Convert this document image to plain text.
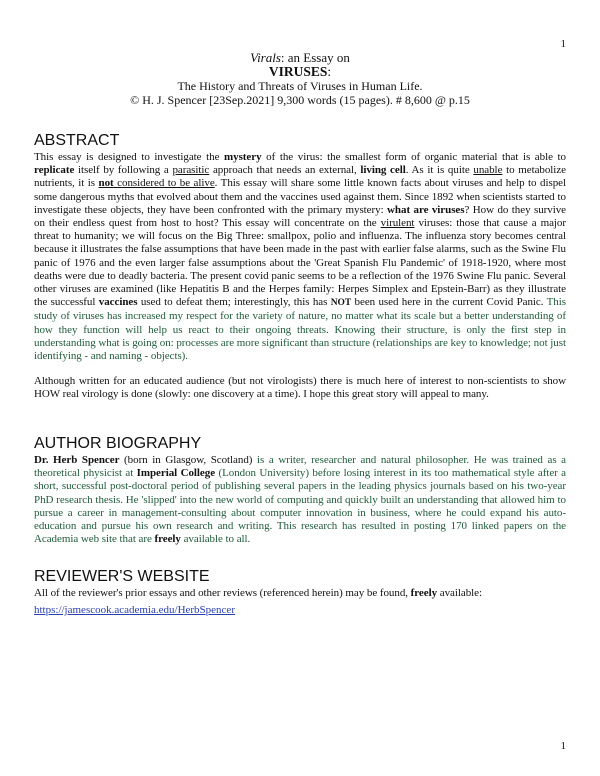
1
Virals: an Essay on
VIRUSES:
The History and Threats of Viruses in Human Life.
© H. J. Spencer [23Sep.2021] 9,300 words (15 pages). # 8,600 @ p.15
ABSTRACT

This essay is designed to investigate the mystery of the virus: the smallest form of organic material that is able to replicate itself by following a parasitic approach that needs an external, living cell. As it is quite unable to metabolize nutrients, it is not considered to be alive. This essay will share some little known facts about viruses and help to dispel some dangerous myths that evolved about them and the vaccines used against them. Since 1892 when scientists started to investigate these objects, they have been confronted with the primary mystery: what are viruses? How do they survive on their endless quest from host to host? This essay will concentrate on the virulent viruses: those that cause a major threat to humanity; we will focus on the Big Three: smallpox, polio and influenza. The influenza story becomes central because it illustrates the false assumptions that have been made in the past with earlier false alarms, such as the Swine Flu panic of 1976 and the even larger false assumptions about the 'Great Spanish Flu Pandemic' of 1918-1920, where most deaths were due to deadly bacteria. The present covid panic seems to be a reflection of the 1976 Swine Flu panic. Several other viruses are examined (like Hepatitis B and the Herpes family: Herpes Simplex and Epstein-Barr) as they illustrate the successful vaccines used to defeat them; interestingly, this has NOT been used here in the current Covid Panic. This study of viruses has increased my respect for the variety of nature, no matter what its scale but a better understanding of how they function will help us react to their ongoing threats. Knowing their structure, is only the first step in understanding what is going on: processes are more significant than structure (relationships are key to knowledge; not just identifying - and naming - objects).

Although written for an educated audience (but not virologists) there is much here of interest to non-scientists to show HOW real virology is done (slowly: one discovery at a time). I hope this great story will appeal to many.

AUTHOR BIOGRAPHY

Dr. Herb Spencer (born in Glasgow, Scotland) is a writer, researcher and natural philosopher. He was trained as a theoretical physicist at Imperial College (London University) before losing interest in its too mathematical style after a short, successful post-doctoral period of publishing several papers in the leading physics journals based on his two-year PhD research thesis. He 'slipped' into the new world of computing and quickly built an understanding that allowed him to pursue a career in management-consulting about computer innovation in business, where he could expand his auto-education and pursue his own research and writing. This research has resulted in posting 170 linked papers on the Academia web site that are freely available to all.

REVIEWER'S WEBSITE

All of the reviewer's prior essays and other reviews (referenced herein) may be found, freely available:

https://jamescook.academia.edu/HerbSpencer
1
